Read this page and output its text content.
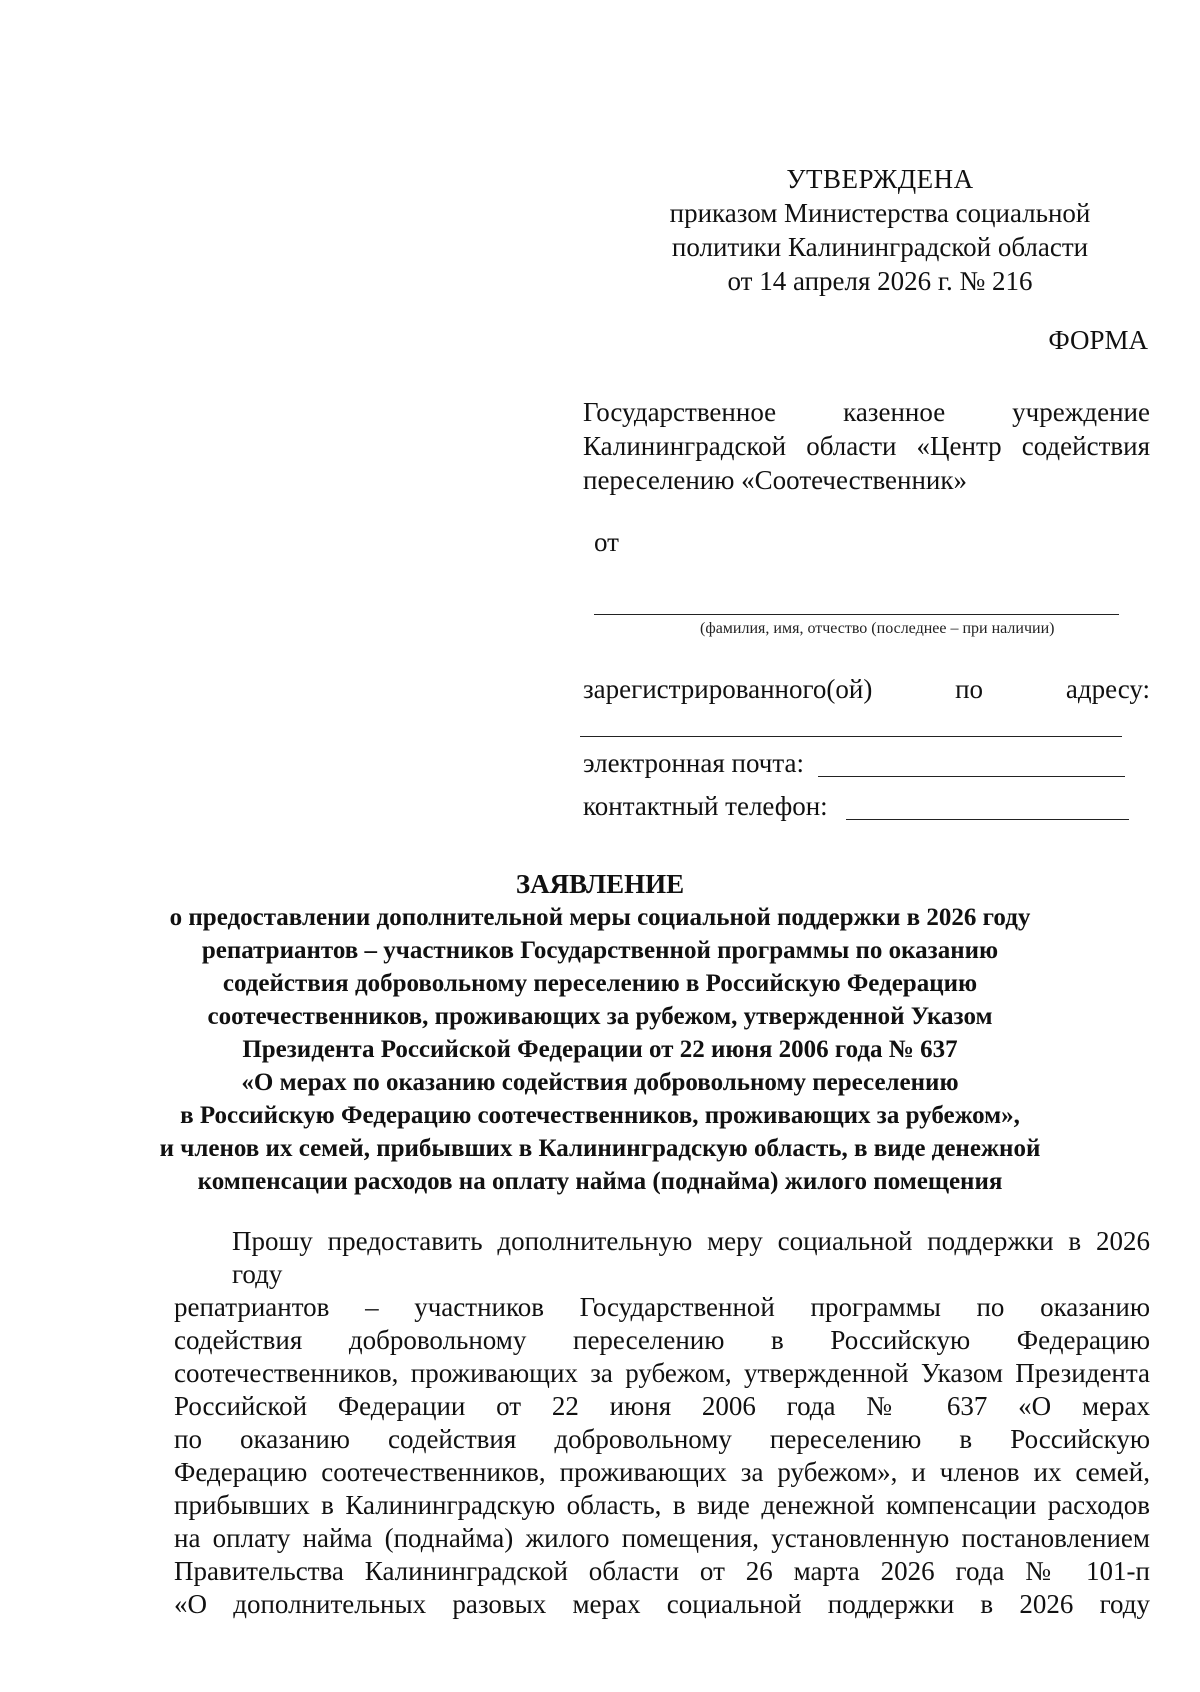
УТВЕРЖДЕНА
приказом Министерства социальной
политики Калининградской области
от 14 апреля 2026 г. № 216
ФОРМА
Государственное казенное учреждение
Калининградской области «Центр содействия
переселению «Соотечественник»
от
(фамилия, имя, отчество (последнее – при наличии)
зарегистрированного(ой)	по	адресу:
электронная почта:
контактный телефон:
ЗАЯВЛЕНИЕ
о предоставлении дополнительной меры социальной поддержки в 2026 году
репатриантов – участников Государственной программы по оказанию
содействия добровольному переселению в Российскую Федерацию
соотечественников, проживающих за рубежом, утвержденной Указом
Президента Российской Федерации от 22 июня 2006 года № 637
«О мерах по оказанию содействия добровольному переселению
в Российскую Федерацию соотечественников, проживающих за рубежом»,
и членов их семей, прибывших в Калининградскую область, в виде денежной
компенсации расходов на оплату найма (поднайма) жилого помещения
Прошу предоставить дополнительную меру социальной поддержки в 2026 году
репатриантов – участников Государственной программы по оказанию
содействия добровольному переселению в Российскую Федерацию
соотечественников, проживающих за рубежом, утвержденной Указом Президента
Российской Федерации от 22 июня 2006 года № 637 «О мерах
по оказанию содействия добровольному переселению в Российскую
Федерацию соотечественников, проживающих за рубежом», и членов их семей,
прибывших в Калининградскую область, в виде денежной компенсации расходов
на оплату найма (поднайма) жилого помещения, установленную постановлением
Правительства Калининградской области от 26 марта 2026 года № 101-п
«О дополнительных разовых мерах социальной поддержки в 2026 году
